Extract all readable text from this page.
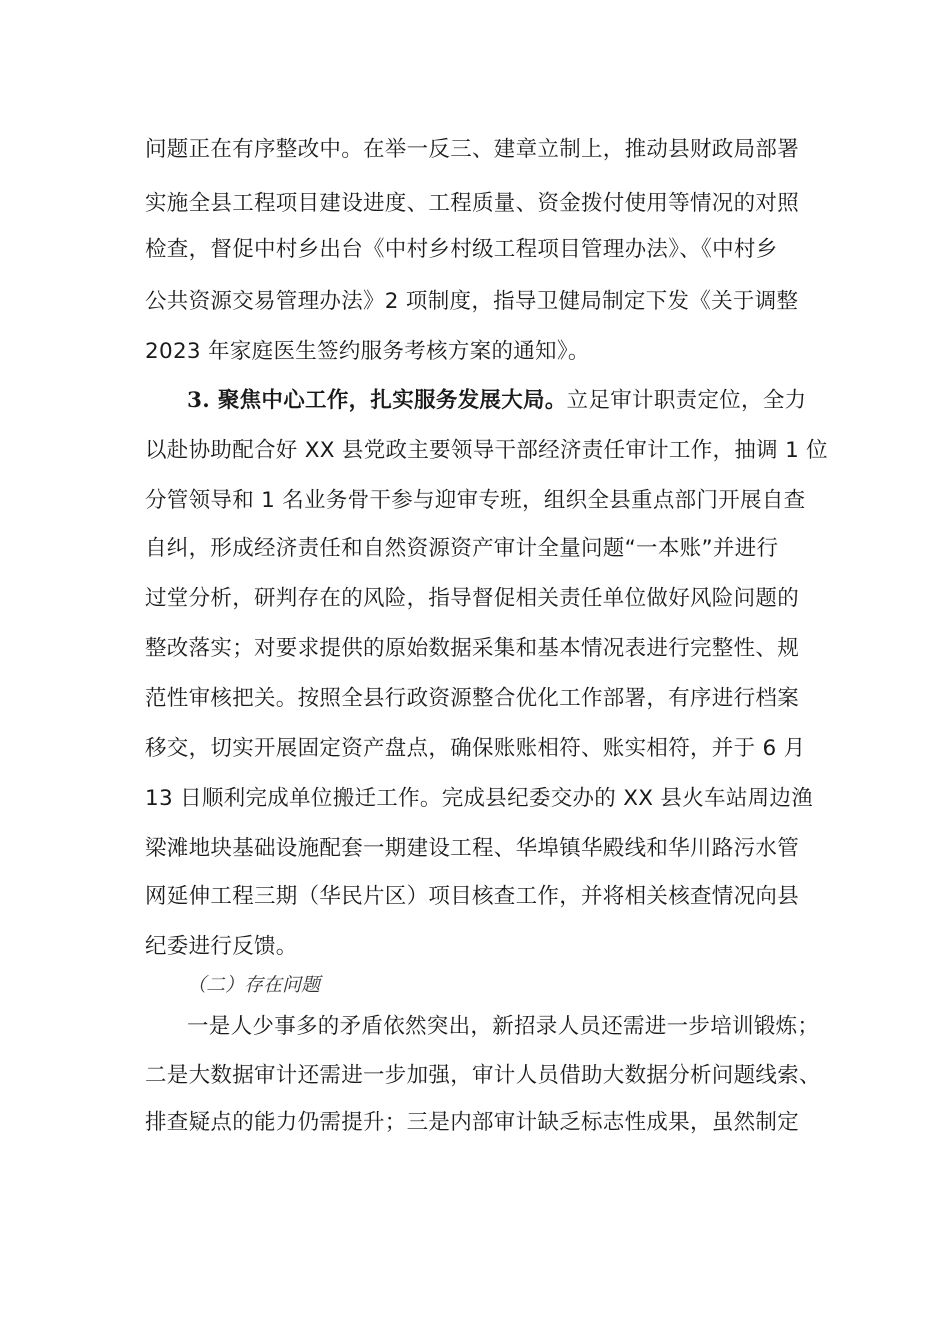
问题正在有序整改中。在举一反三、建章立制上，推动县财政局部署
实施全县工程项目建设进度、工程质量、资金拨付使用等情况的对照
检查，督促中村乡出台《中村乡村级工程项目管理办法》、《中村乡
公共资源交易管理办法》2 项制度，指导卫健局制定下发《关于调整
2023 年家庭医生签约服务考核方案的通知》。
3. 聚焦中心工作，扎实服务发展大局。立足审计职责定位，全力
以赴协助配合好 XX 县党政主要领导干部经济责任审计工作，抽调 1 位
分管领导和 1 名业务骨干参与迎审专班，组织全县重点部门开展自查
自纠，形成经济责任和自然资源资产审计全量问题“一本账”并进行
过堂分析，研判存在的风险，指导督促相关责任单位做好风险问题的
整改落实；对要求提供的原始数据采集和基本情况表进行完整性、规
范性审核把关。按照全县行政资源整合优化工作部署，有序进行档案
移交，切实开展固定资产盘点，确保账账相符、账实相符，并于 6 月
13 日顺利完成单位搬迁工作。完成县纪委交办的 XX 县火车站周边渔
梁滩地块基础设施配套一期建设工程、华埠镇华殿线和华川路污水管
网延伸工程三期（华民片区）项目核查工作，并将相关核查情况向县
纪委进行反馈。
（二）存在问题
一是人少事多的矛盾依然突出，新招录人员还需进一步培训锻炼；
二是大数据审计还需进一步加强，审计人员借助大数据分析问题线索、
排查疑点的能力仍需提升；三是内部审计缺乏标志性成果，虽然制定
